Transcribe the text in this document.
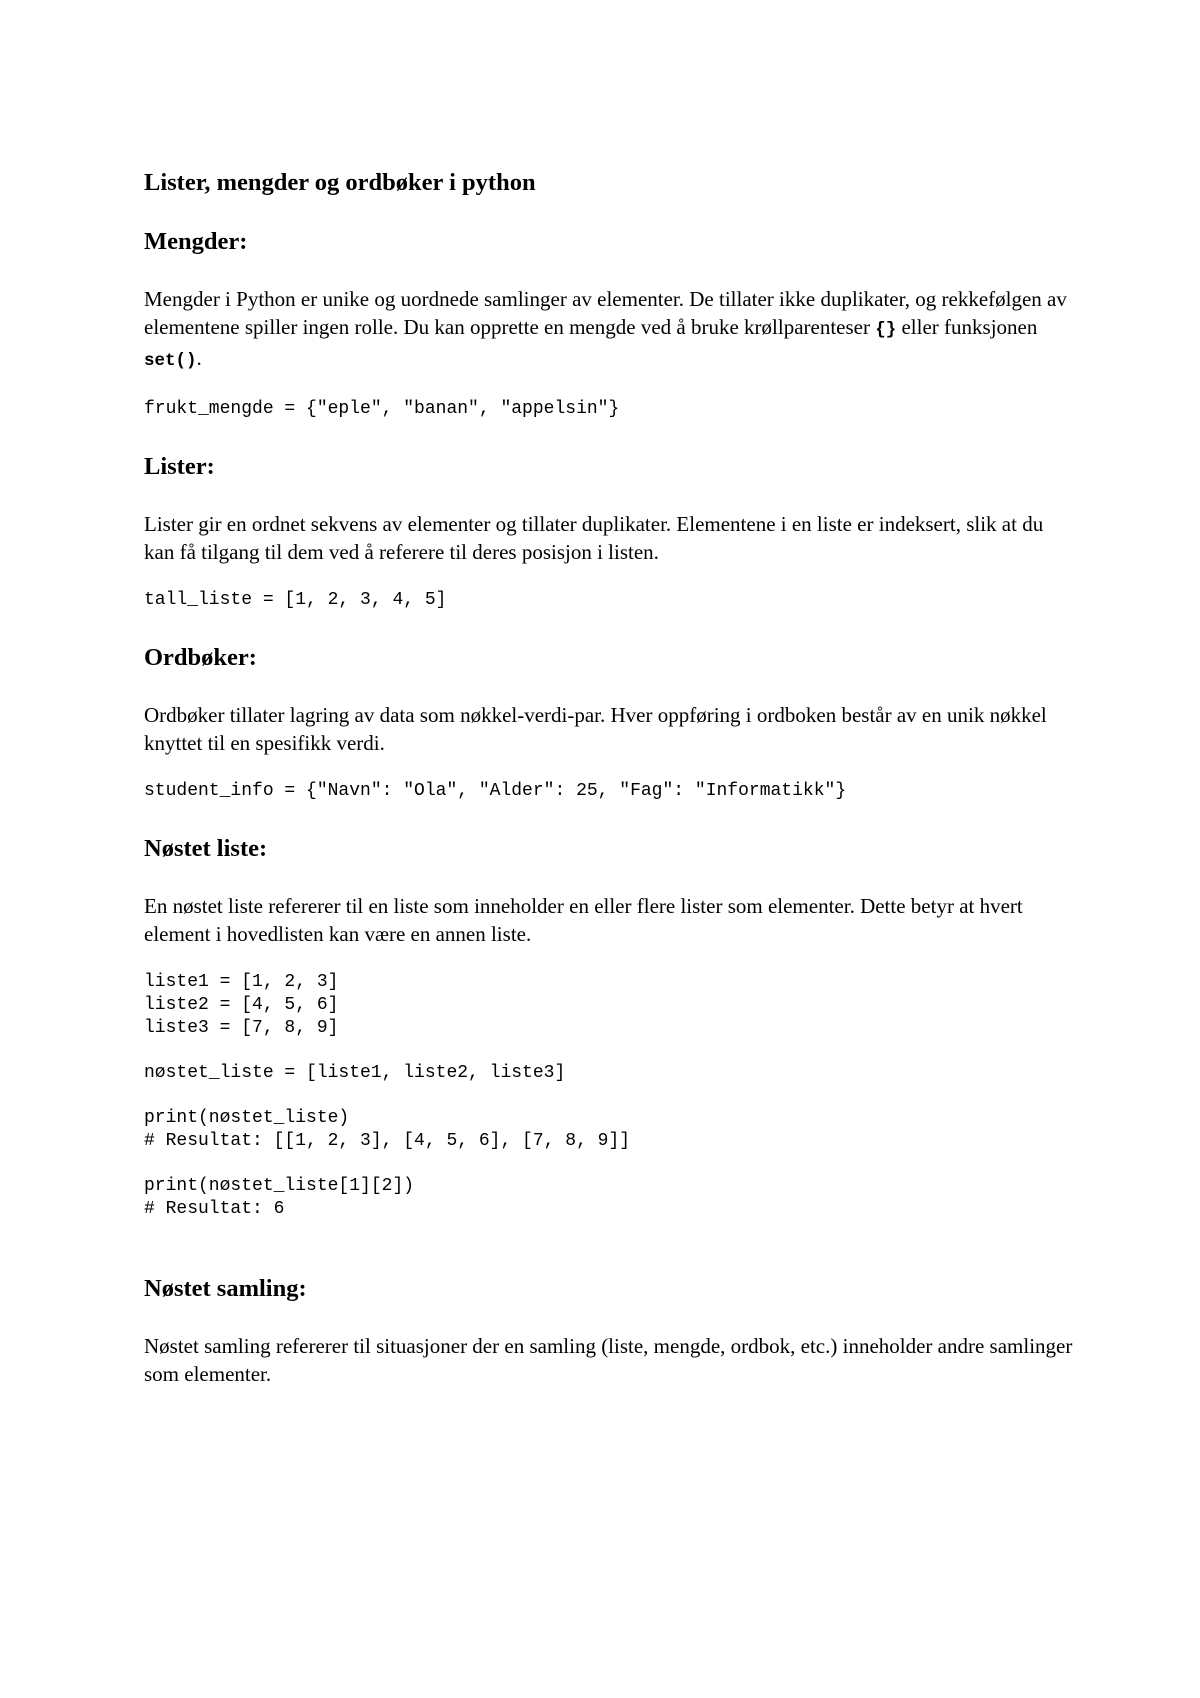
Lister, mengder og ordbøker i python
Mengder:

Mengder i Python er unike og uordnede samlinger av elementer. De tillater ikke duplikater, og rekkefølgen av elementene spiller ingen rolle. Du kan opprette en mengde ved å bruke krøllparenteser {} eller funksjonen set().

frukt_mengde = {"eple", "banan", "appelsin"}
Lister:

Lister gir en ordnet sekvens av elementer og tillater duplikater. Elementene i en liste er indeksert, slik at du kan få tilgang til dem ved å referere til deres posisjon i listen.

tall_liste = [1, 2, 3, 4, 5]
Ordbøker:

Ordbøker tillater lagring av data som nøkkel-verdi-par. Hver oppføring i ordboken består av en unik nøkkel knyttet til en spesifikk verdi.

student_info = {"Navn": "Ola", "Alder": 25, "Fag": "Informatikk"}
Nøstet liste:

En nøstet liste refererer til en liste som inneholder en eller flere lister som elementer. Dette betyr at hvert element i hovedlisten kan være en annen liste.

liste1 = [1, 2, 3]
liste2 = [4, 5, 6]
liste3 = [7, 8, 9]
nøstet_liste = [liste1, liste2, liste3]
print(nøstet_liste)
# Resultat: [[1, 2, 3], [4, 5, 6], [7, 8, 9]]
print(nøstet_liste[1][2])
# Resultat: 6
Nøstet samling:

Nøstet samling refererer til situasjoner der en samling (liste, mengde, ordbok, etc.) inneholder andre samlinger som elementer.
